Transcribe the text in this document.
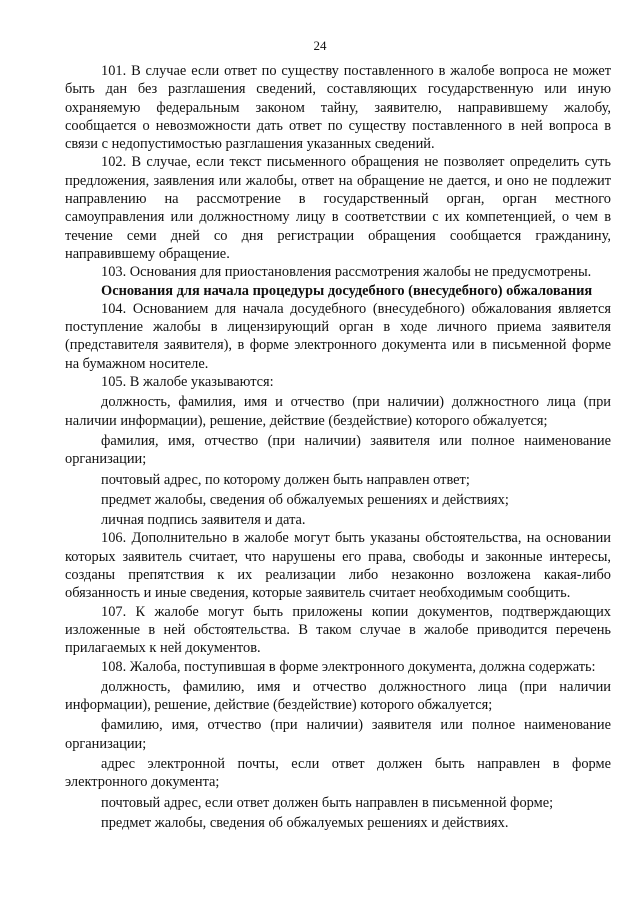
24

101. В случае если ответ по существу поставленного в жалобе вопроса не может быть дан без разглашения сведений, составляющих государственную или иную охраняемую федеральным законом тайну, заявителю, направившему жалобу, сообщается о невозможности дать ответ по существу поставленного в ней вопроса в связи с недопустимостью разглашения указанных сведений.

102. В случае, если текст письменного обращения не позволяет определить суть предложения, заявления или жалобы, ответ на обращение не дается, и оно не подлежит направлению на рассмотрение в государственный орган, орган местного самоуправления или должностному лицу в соответствии с их компетенцией, о чем в течение семи дней со дня регистрации обращения сообщается гражданину, направившему обращение.

103. Основания для приостановления рассмотрения жалобы не предусмотрены.

Основания для начала процедуры досудебного (внесудебного) обжалования

104. Основанием для начала досудебного (внесудебного) обжалования является поступление жалобы в лицензирующий орган в ходе личного приема заявителя (представителя заявителя), в форме электронного документа или в письменной форме на бумажном носителе.

105. В жалобе указываются:

должность, фамилия, имя и отчество (при наличии) должностного лица (при наличии информации), решение, действие (бездействие) которого обжалуется;

фамилия, имя, отчество (при наличии) заявителя или полное наименование организации;

почтовый адрес, по которому должен быть направлен ответ;

предмет жалобы, сведения об обжалуемых решениях и действиях;

личная подпись заявителя и дата.

106. Дополнительно в жалобе могут быть указаны обстоятельства, на основании которых заявитель считает, что нарушены его права, свободы и законные интересы, созданы препятствия к их реализации либо незаконно возложена какая-либо обязанность и иные сведения, которые заявитель считает необходимым сообщить.

107. К жалобе могут быть приложены копии документов, подтверждающих изложенные в ней обстоятельства. В таком случае в жалобе приводится перечень прилагаемых к ней документов.

108. Жалоба, поступившая в форме электронного документа, должна содержать:

должность, фамилию, имя и отчество должностного лица (при наличии информации), решение, действие (бездействие) которого обжалуется;

фамилию, имя, отчество (при наличии) заявителя или полное наименование организации;

адрес электронной почты, если ответ должен быть направлен в форме электронного документа;

почтовый адрес, если ответ должен быть направлен в письменной форме;

предмет жалобы, сведения об обжалуемых решениях и действиях.
